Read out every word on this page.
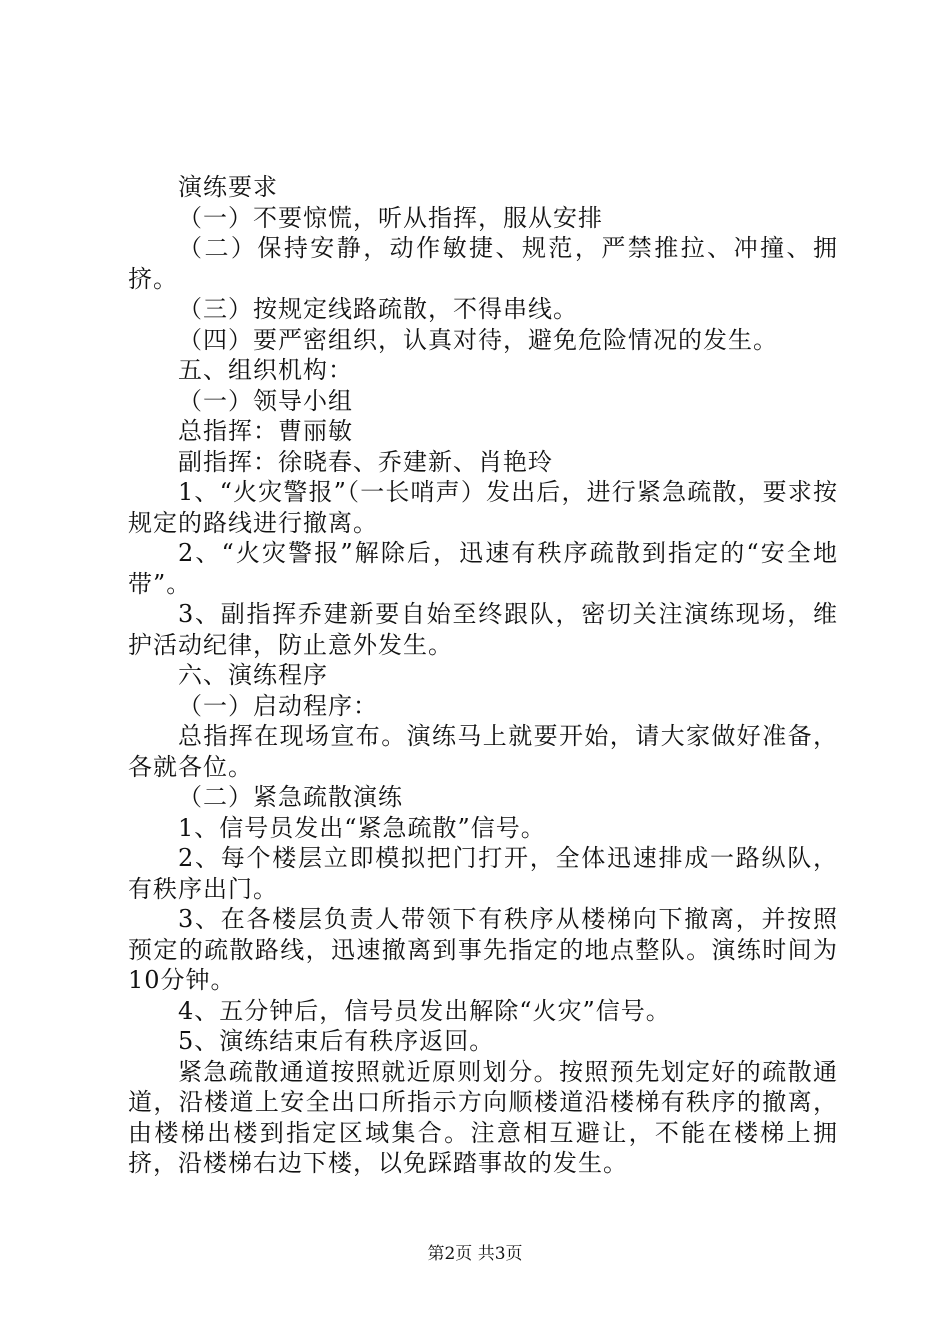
演练要求
（一）不要惊慌，听从指挥，服从安排
（二）保持安静，动作敏捷、规范，严禁推拉、冲撞、拥挤。
（三）按规定线路疏散，不得串线。
（四）要严密组织，认真对待，避免危险情况的发生。
五、组织机构：
（一）领导小组
总指挥：曹丽敏
副指挥：徐晓春、乔建新、肖艳玲
1、“火灾警报”（一长哨声）发出后，进行紧急疏散，要求按规定的路线进行撤离。
2、“火灾警报”解除后，迅速有秩序疏散到指定的“安全地带”。
3、副指挥乔建新要自始至终跟队，密切关注演练现场，维护活动纪律，防止意外发生。
六、演练程序
（一）启动程序：
总指挥在现场宣布。演练马上就要开始，请大家做好准备，各就各位。
（二）紧急疏散演练
1、信号员发出“紧急疏散”信号。
2、每个楼层立即模拟把门打开，全体迅速排成一路纵队，有秩序出门。
3、在各楼层负责人带领下有秩序从楼梯向下撤离，并按照预定的疏散路线，迅速撤离到事先指定的地点整队。演练时间为10分钟。
4、五分钟后，信号员发出解除“火灾”信号。
5、演练结束后有秩序返回。
紧急疏散通道按照就近原则划分。按照预先划定好的疏散通道，沿楼道上安全出口所指示方向顺楼道沿楼梯有秩序的撤离，由楼梯出楼到指定区域集合。注意相互避让，不能在楼梯上拥挤，沿楼梯右边下楼，以免踩踏事故的发生。
第2页 共3页
